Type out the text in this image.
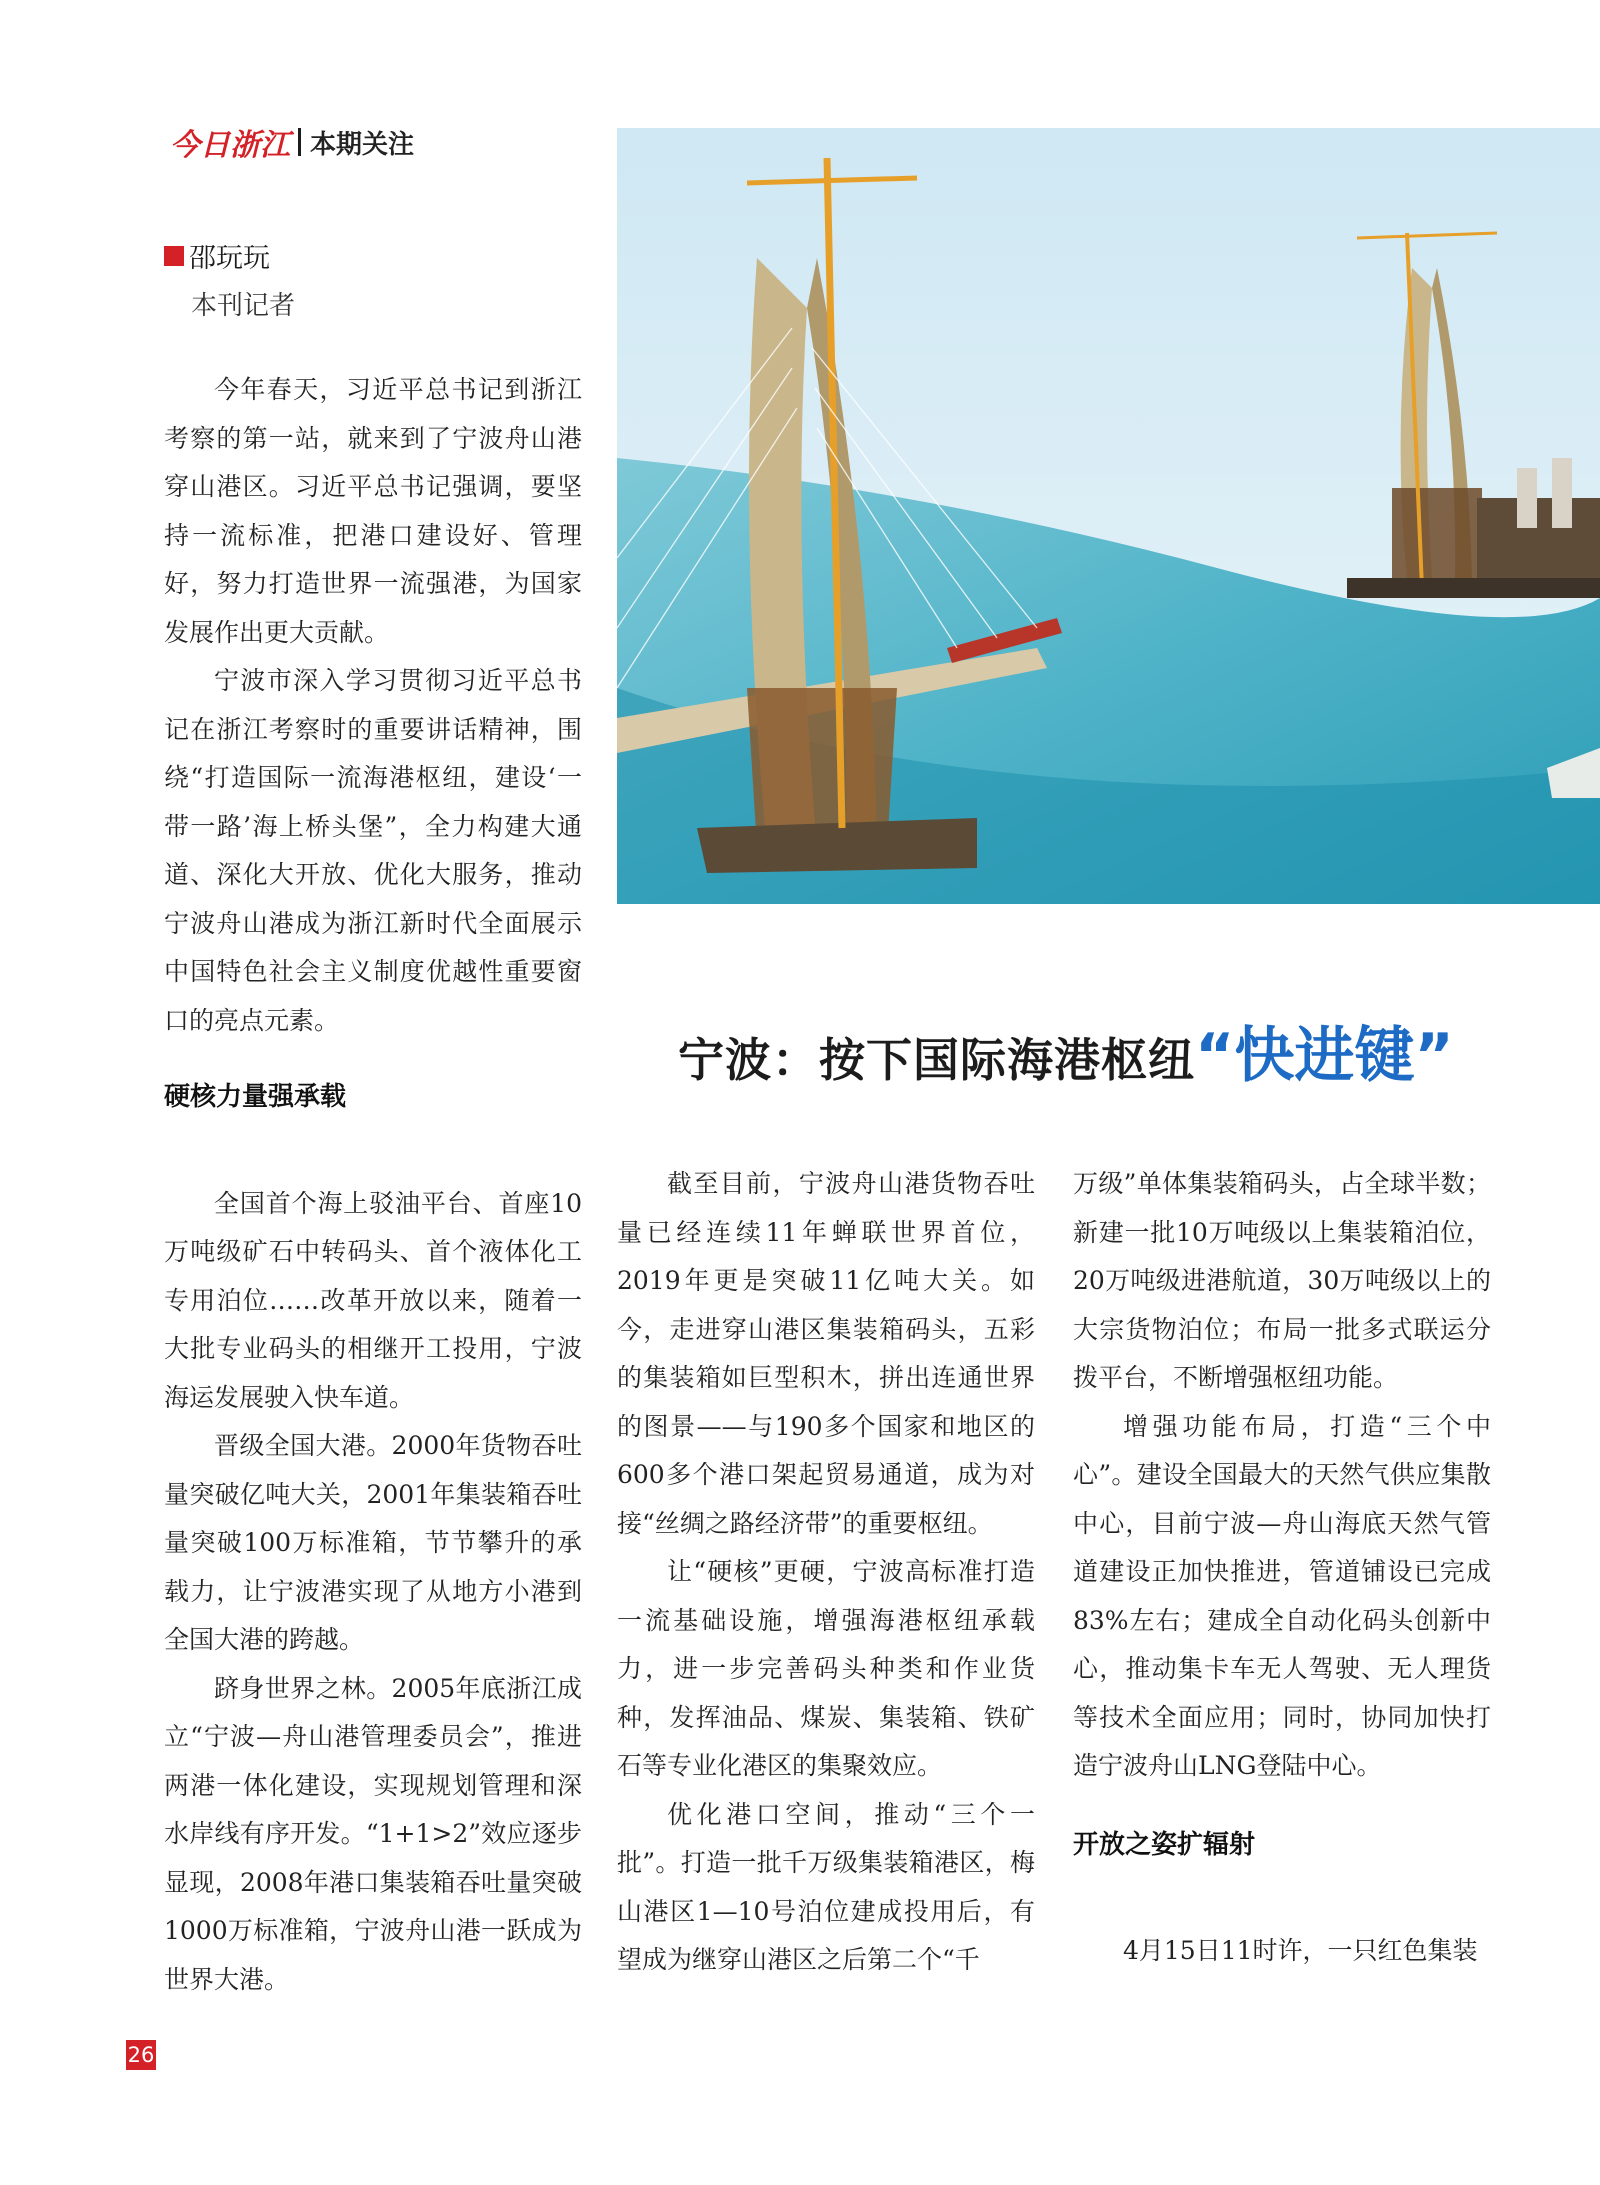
今日浙江 本期关注
邵玩玩
本刊记者
宁波：按下国际海港枢纽“快进键”

今年春天，习近平总书记到浙江考察的第一站，就来到了宁波舟山港穿山港区。习近平总书记强调，要坚持一流标准，把港口建设好、管理好，努力打造世界一流强港，为国家发展作出更大贡献。

宁波市深入学习贯彻习近平总书记在浙江考察时的重要讲话精神，围绕“打造国际一流海港枢纽，建设‘一带一路’海上桥头堡”，全力构建大通道、深化大开放、优化大服务，推动宁波舟山港成为浙江新时代全面展示中国特色社会主义制度优越性重要窗口的亮点元素。

硬核力量强承载

全国首个海上驳油平台、首座10万吨级矿石中转码头、首个液体化工专用泊位……改革开放以来，随着一大批专业码头的相继开工投用，宁波海运发展驶入快车道。

晋级全国大港。2000年货物吞吐量突破亿吨大关，2001年集装箱吞吐量突破100万标准箱，节节攀升的承载力，让宁波港实现了从地方小港到全国大港的跨越。

跻身世界之林。2005年底浙江成立“宁波—舟山港管理委员会”，推进两港一体化建设，实现规划管理和深水岸线有序开发。“1+1>2”效应逐步显现，2008年港口集装箱吞吐量突破1000万标准箱，宁波舟山港一跃成为世界大港。

截至目前，宁波舟山港货物吞吐量已经连续11年蝉联世界首位，2019年更是突破11亿吨大关。如今，走进穿山港区集装箱码头，五彩的集装箱如巨型积木，拼出连通世界的图景——与190多个国家和地区的600多个港口架起贸易通道，成为对接“丝绸之路经济带”的重要枢纽。

让“硬核”更硬，宁波高标准打造一流基础设施，增强海港枢纽承载力，进一步完善码头种类和作业货种，发挥油品、煤炭、集装箱、铁矿石等专业化港区的集聚效应。

优化港口空间，推动“三个一批”。打造一批千万级集装箱港区，梅山港区1—10号泊位建成投用后，有望成为继穿山港区之后第二个“千

万级”单体集装箱码头，占全球半数；新建一批10万吨级以上集装箱泊位，20万吨级进港航道，30万吨级以上的大宗货物泊位；布局一批多式联运分拨平台，不断增强枢纽功能。

增强功能布局，打造“三个中心”。建设全国最大的天然气供应集散中心，目前宁波—舟山海底天然气管道建设正加快推进，管道铺设已完成83%左右；建成全自动化码头创新中心，推动集卡车无人驾驶、无人理货等技术全面应用；同时，协同加快打造宁波舟山LNG登陆中心。

开放之姿扩辐射

4月15日11时许，一只红色集装

26
